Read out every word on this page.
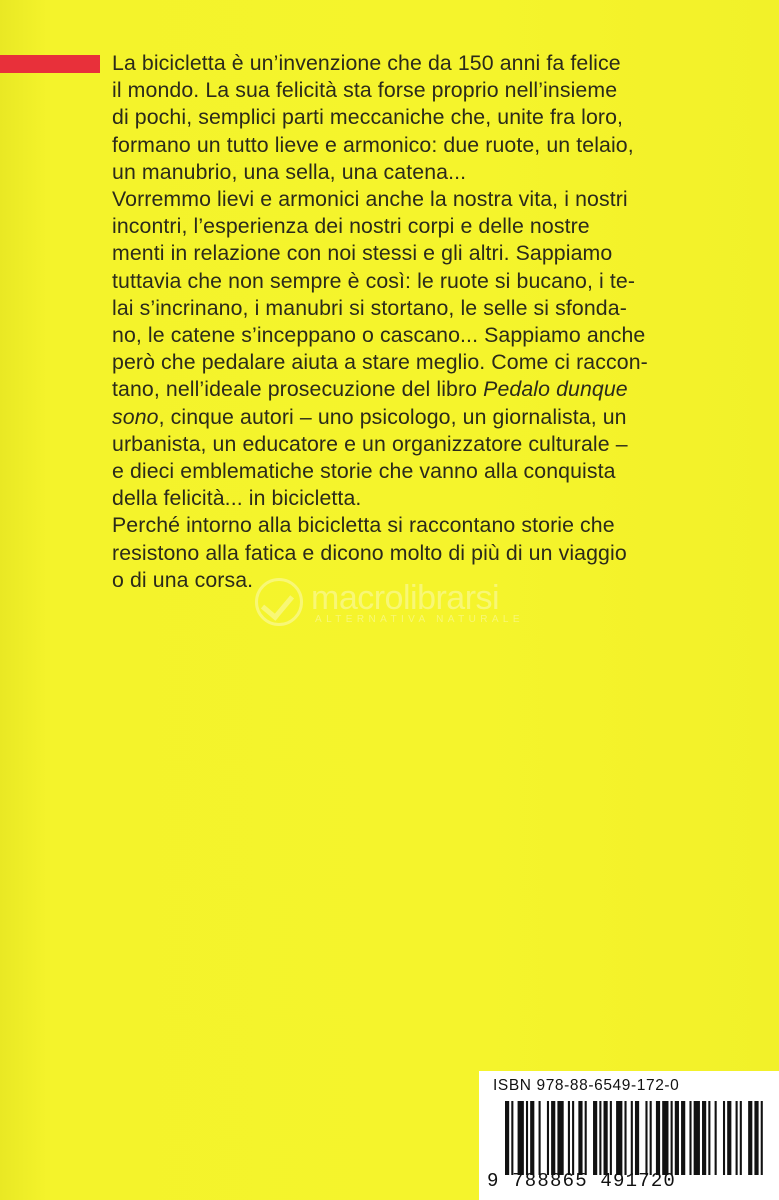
La bicicletta è un’invenzione che da 150 anni fa felice
il mondo. La sua felicità sta forse proprio nell’insieme
di pochi, semplici parti meccaniche che, unite fra loro,
formano un tutto lieve e armonico: due ruote, un telaio,
un manubrio, una sella, una catena...
Vorremmo lievi e armonici anche la nostra vita, i nostri
incontri, l’esperienza dei nostri corpi e delle nostre
menti in relazione con noi stessi e gli altri. Sappiamo
tuttavia che non sempre è così: le ruote si bucano, i te-
lai s’incrinano, i manubri si stortano, le selle si sfonda-
no, le catene s’inceppano o cascano... Sappiamo anche
però che pedalare aiuta a stare meglio. Come ci raccon-
tano, nell’ideale prosecuzione del libro Pedalo dunque
sono, cinque autori – uno psicologo, un giornalista, un
urbanista, un educatore e un organizzatore culturale –
e dieci emblematiche storie che vanno alla conquista
della felicità... in bicicletta.
Perché intorno alla bicicletta si raccontano storie che
resistono alla fatica e dicono molto di più di un viaggio
o di una corsa.	macrolibrarsi
ALTERNATIVA NATURALE
ISBN 978-88-6549-172-0
9 788865 491720
